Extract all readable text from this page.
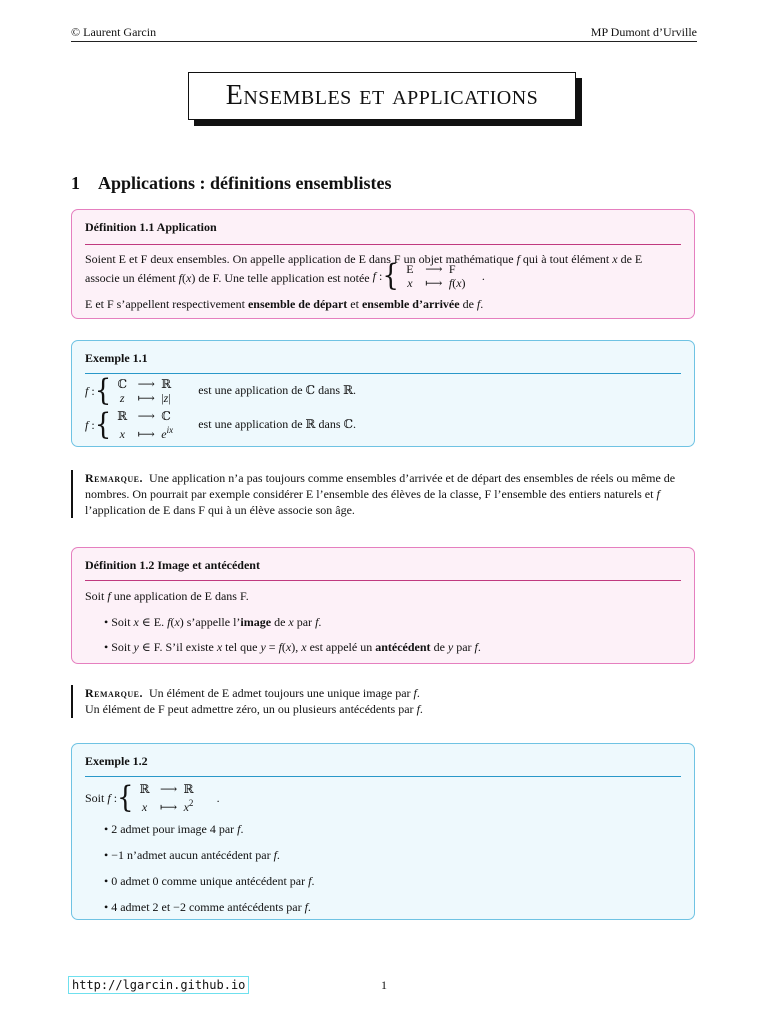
© Laurent Garcin	MP Dumont d’Urville
Ensembles et applications
1 Applications : définitions ensemblistes
Définition 1.1 Application
Soient E et F deux ensembles. On appelle application de E dans F un objet mathématique f qui à tout élément x de E
associe un élément f(x) de F. Une telle application est notée f : { E ⟶ F
x ⟼ f(x)
.
E et F s’appellent respectivement ensemble de départ et ensemble d’arrivée de f.
Exemple 1.1
f : { ℂ ⟶ ℝ
z ⟼ |z|
est une application de ℂ dans ℝ.
f : { ℝ ⟶ ℂ
x ⟼ $e^{ix}$	est une application de ℝ dans ℂ.
Remarque. Une application n’a pas toujours comme ensembles d’arrivée et de départ des ensembles de réels ou même de nombres. On pourrait par exemple considérer E l’ensemble des élèves de la classe, F l’ensemble des entiers naturels et f l’application de E dans F qui à un élève associe son âge.
Définition 1.2 Image et antécédent
Soit f une application de E dans F.
• Soit x ∈ E. f(x) s’appelle l’image de x par f.
• Soit y ∈ F. S’il existe x tel que y = f(x), x est appelé un antécédent de y par f.
Remarque. Un élément de E admet toujours une unique image par f.
Un élément de F peut admettre zéro, un ou plusieurs antécédents par f.
Exemple 1.2
Soit
f : { ℝ ⟶ ℝ
x ⟼ $x^2$	.
• 2 admet pour image 4 par f.
• −1 n’admet aucun antécédent par f.
• 0 admet 0 comme unique antécédent par f.
• 4 admet 2 et −2 comme antécédents par f.
http://lgarcin.github.io	1
